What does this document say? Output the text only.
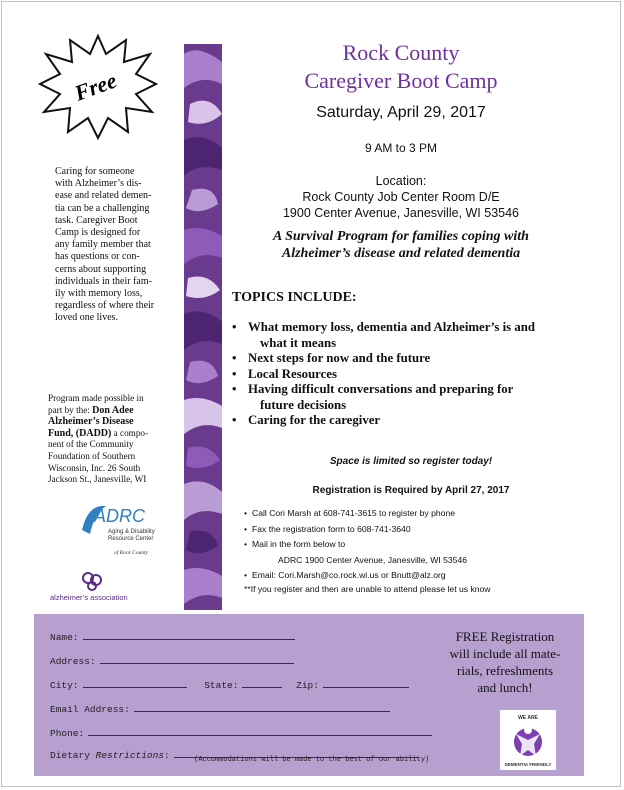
Free
Caring for someone
with Alzheimer’s dis-
ease and related demen-
tia can be a challenging
task. Caregiver Boot
Camp is designed for
any family member that
has questions or con-
cerns about supporting
individuals in their fam-
ily with memory loss,
regardless of where their
loved one lives.
Program made possible in
part by the: Don Adee
Alzheimer’s Disease
Fund, (DADD) a compo-
nent of the Community
Foundation of Southern
Wisconsin, Inc. 26 South
Jackson St., Janesville, WI
ADRC
Aging & Disability
Resource Center
of Rock County
alzheimer’s association
Rock County
Caregiver Boot Camp
Saturday, April 29, 2017
9 AM to 3 PM
Location:
Rock County Job Center Room D/E
1900 Center Avenue, Janesville, WI 53546
A Survival Program for families coping with
Alzheimer’s disease and related dementia
TOPICS INCLUDE:
• What memory loss, dementia and Alzheimer’s is and
what it means
• Next steps for now and the future
• Local Resources
• Having difficult conversations and preparing for
future decisions
• Caring for the caregiver
Space is limited so register today!
Registration is Required by April 27, 2017
• Call Cori Marsh at 608-741-3615 to register by phone
• Fax the registration form to 608-741-3640
• Mail in the form below to
ADRC 1900 Center Avenue, Janesville, WI 53546
• Email: Cori.Marsh@co.rock.wi.us or Bnutt@alz.org
**If you register and then are unable to attend please let us know
Name:
Address:
City:	State:	Zip:
Email Address:
Phone:
Dietary Restrictions:	(Accommodations will be made to the best of our ability)
FREE Registration
will include all mate-
rials, refreshments
and lunch!
WE ARE
DEMENTIA FRIENDLY
